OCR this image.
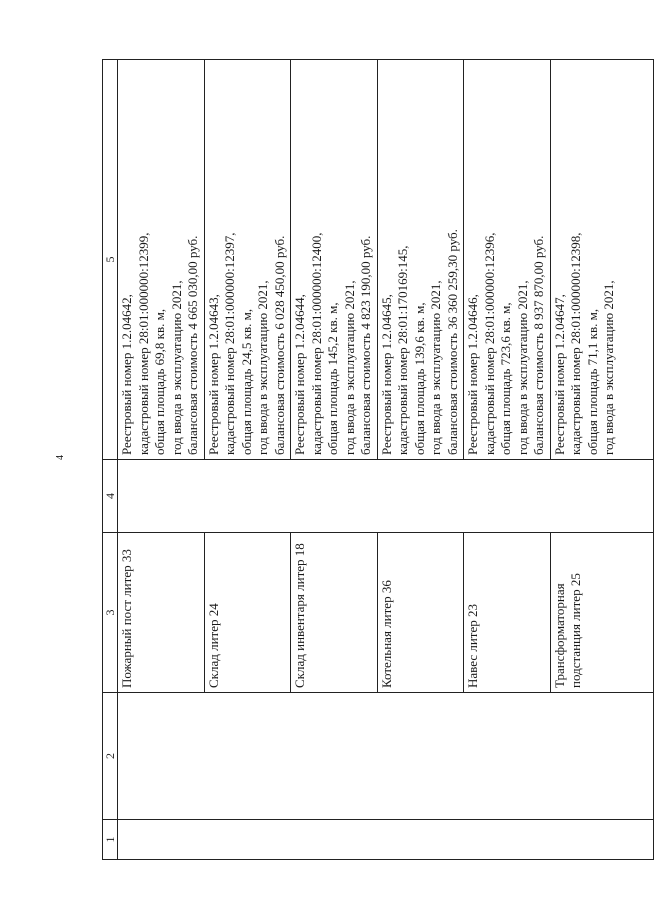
4
1	2	3	4	5
		Пожарный пост литер 33		Реестровый номер 1.2.04642, кадастровый номер 28:01:000000:12399, общая площадь 69,8 кв. м, год ввода в эксплуатацию 2021, балансовая стоимость 4 665 030,00 руб.

		Склад литер 24		Реестровый номер 1.2.04643, кадастровый номер 28:01:000000:12397, общая площадь 24,5 кв. м, год ввода в эксплуатацию 2021, балансовая стоимость 6 028 450,00 руб.

		Склад инвентаря литер 18		Реестровый номер 1.2.04644, кадастровый номер 28:01:000000:12400, общая площадь 145,2 кв. м, год ввода в эксплуатацию 2021, балансовая стоимость 4 823 190,00 руб.

		Котельная литер 36		Реестровый номер 1.2.04645, кадастровый номер 28:01:170169:145, общая площадь 139,6 кв. м, год ввода в эксплуатацию 2021, балансовая стоимость 36 360 259,30 руб.

		Навес литер 23		Реестровый номер 1.2.04646, кадастровый номер 28:01:000000:12396, общая площадь 723,6 кв. м, год ввода в эксплуатацию 2021, балансовая стоимость 8 937 870,00 руб.

		Трансформаторная подстанция литер 25		Реестровый номер 1.2.04647, кадастровый номер 28:01:000000:12398, общая площадь 71,1 кв. м, год ввода в эксплуатацию 2021,
